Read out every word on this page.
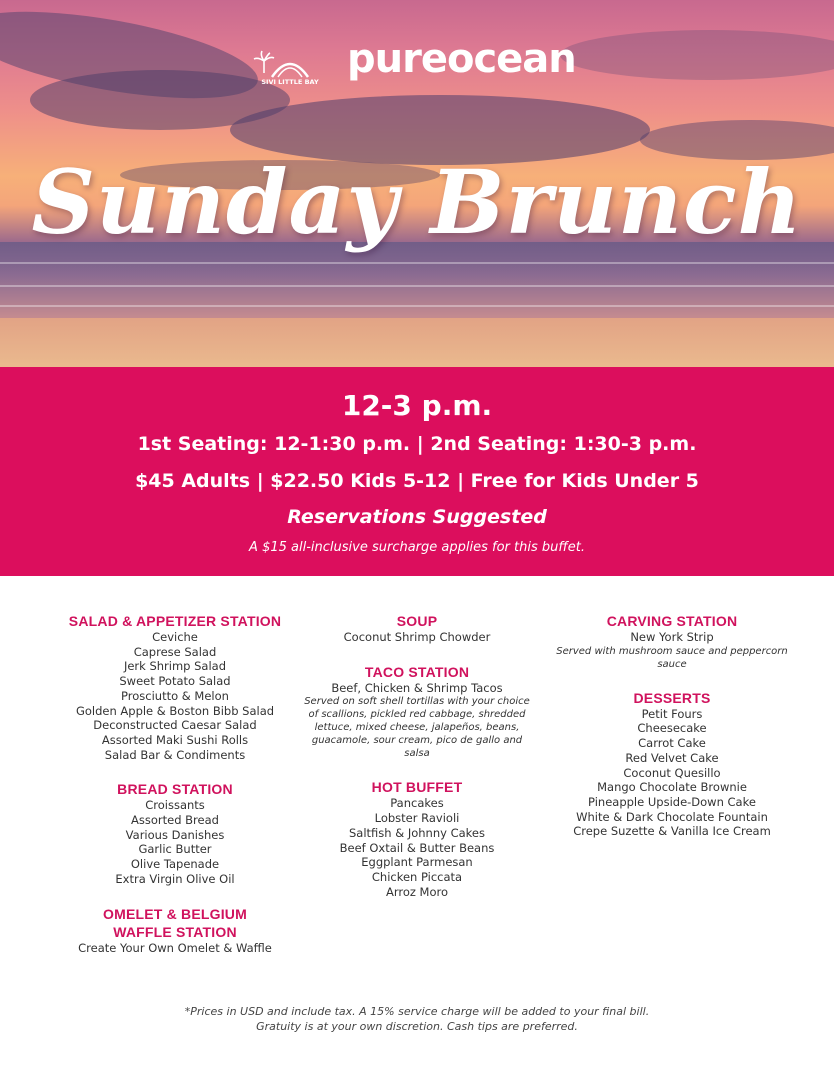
SIVI LITTLE BAY pureocean
Sunday Brunch
12-3 p.m.
1st Seating: 12-1:30 p.m. | 2nd Seating: 1:30-3 p.m.
$45 Adults | $22.50 Kids 5-12 | Free for Kids Under 5
Reservations Suggested
A $15 all-inclusive surcharge applies for this buffet.
SALAD & APPETIZER STATION
Ceviche
Caprese Salad
Jerk Shrimp Salad
Sweet Potato Salad
Prosciutto & Melon
Golden Apple & Boston Bibb Salad
Deconstructed Caesar Salad
Assorted Maki Sushi Rolls
Salad Bar & Condiments
BREAD STATION
Croissants
Assorted Bread
Various Danishes
Garlic Butter
Olive Tapenade
Extra Virgin Olive Oil
OMELET & BELGIUM
WAFFLE STATION
Create Your Own Omelet & Waffle
SOUP
Coconut Shrimp Chowder
TACO STATION
Beef, Chicken & Shrimp Tacos
Served on soft shell tortillas with your choice of scallions, pickled red cabbage, shredded lettuce, mixed cheese, jalapeños, beans, guacamole, sour cream, pico de gallo and salsa
HOT BUFFET
Pancakes
Lobster Ravioli
Saltfish & Johnny Cakes
Beef Oxtail & Butter Beans
Eggplant Parmesan
Chicken Piccata
Arroz Moro
CARVING STATION
New York Strip
Served with mushroom sauce and peppercorn sauce
DESSERTS
Petit Fours
Cheesecake
Carrot Cake
Red Velvet Cake
Coconut Quesillo
Mango Chocolate Brownie
Pineapple Upside-Down Cake
White & Dark Chocolate Fountain
Crepe Suzette & Vanilla Ice Cream
*Prices in USD and include tax. A 15% service charge will be added to your final bill.
Gratuity is at your own discretion. Cash tips are preferred.
